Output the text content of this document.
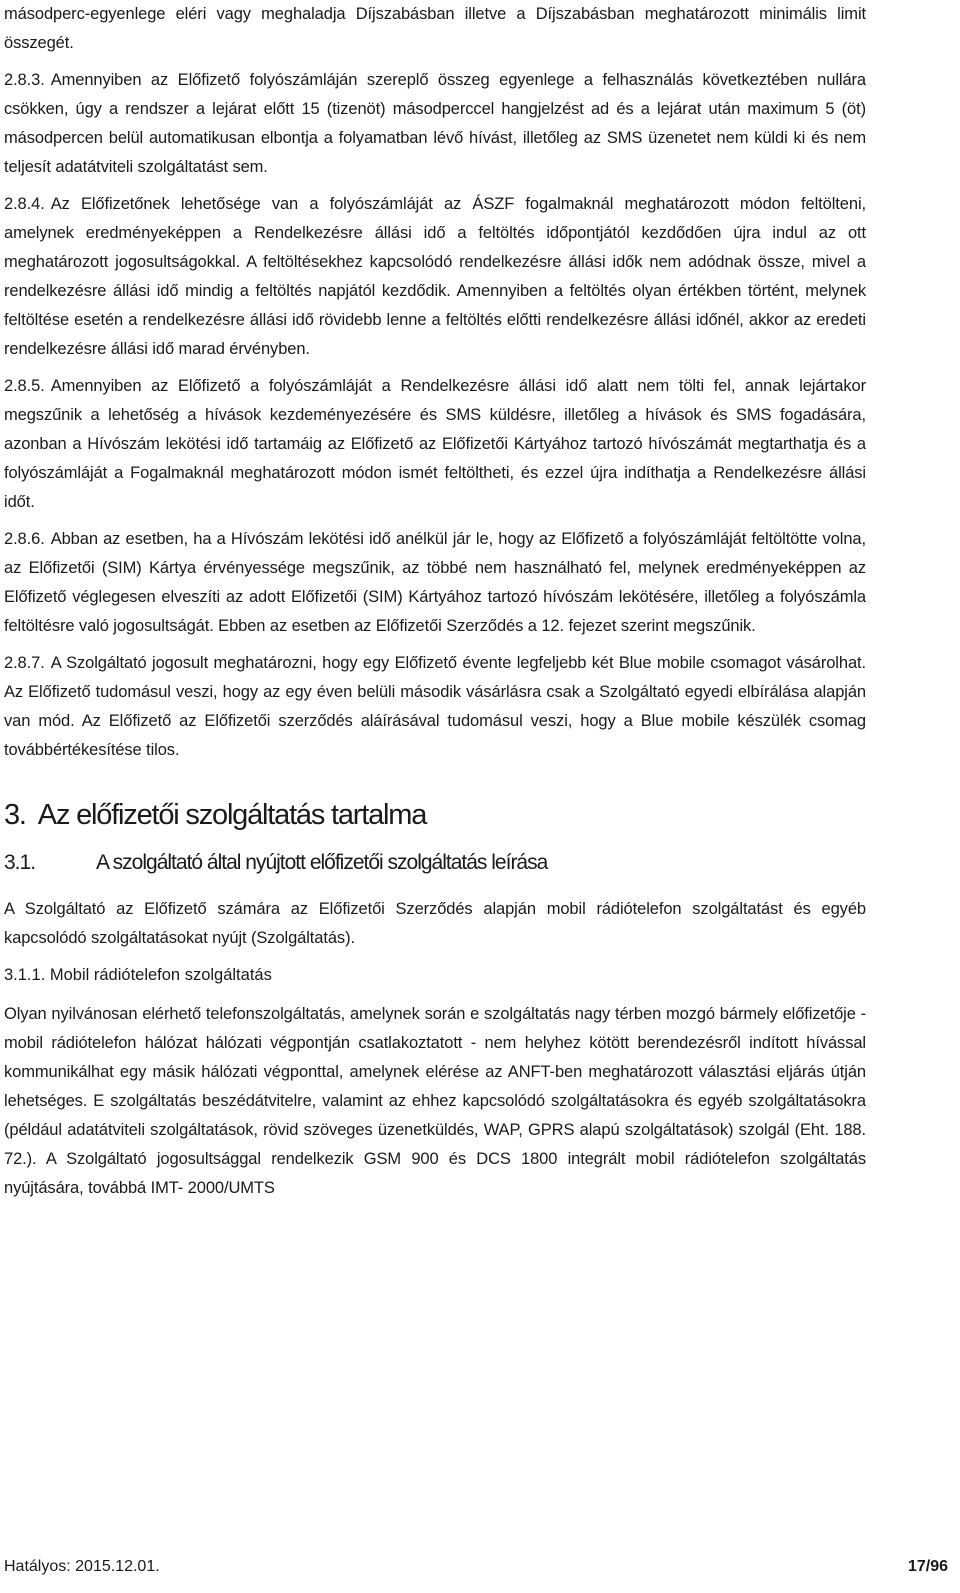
másodperc-egyenlege eléri vagy meghaladja Díjszabásban illetve a Díjszabásban meghatározott minimális limit összegét.

2.8.3. Amennyiben az Előfizető folyószámláján szereplő összeg egyenlege a felhasználás következtében nullára csökken, úgy a rendszer a lejárat előtt 15 (tizenöt) másodperccel hangjelzést ad és a lejárat után maximum 5 (öt) másodpercen belül automatikusan elbontja a folyamatban lévő hívást, illetőleg az SMS üzenetet nem küldi ki és nem teljesít adatátviteli szolgáltatást sem.

2.8.4. Az Előfizetőnek lehetősége van a folyószámláját az ÁSZF fogalmaknál meghatározott módon feltölteni, amelynek eredményeképpen a Rendelkezésre állási idő a feltöltés időpontjától kezdődően újra indul az ott meghatározott jogosultságokkal. A feltöltésekhez kapcsolódó rendelkezésre állási idők nem adódnak össze, mivel a rendelkezésre állási idő mindig a feltöltés napjától kezdődik. Amennyiben a feltöltés olyan értékben történt, melynek feltöltése esetén a rendelkezésre állási idő rövidebb lenne a feltöltés előtti rendelkezésre állási időnél, akkor az eredeti rendelkezésre állási idő marad érvényben.

2.8.5. Amennyiben az Előfizető a folyószámláját a Rendelkezésre állási idő alatt nem tölti fel, annak lejártakor megszűnik a lehetőség a hívások kezdeményezésére és SMS küldésre, illetőleg a hívások és SMS fogadására, azonban a Hívószám lekötési idő tartamáig az Előfizető az Előfizetői Kártyához tartozó hívószámát megtarthatja és a folyószámláját a Fogalmaknál meghatározott módon ismét feltöltheti, és ezzel újra indíthatja a Rendelkezésre állási időt.

2.8.6. Abban az esetben, ha a Hívószám lekötési idő anélkül jár le, hogy az Előfizető a folyószámláját feltöltötte volna, az Előfizetői (SIM) Kártya érvényessége megszűnik, az többé nem használható fel, melynek eredményeképpen az Előfizető véglegesen elveszíti az adott Előfizetői (SIM) Kártyához tartozó hívószám lekötésére, illetőleg a folyószámla feltöltésre való jogosultságát. Ebben az esetben az Előfizetői Szerződés a 12. fejezet szerint megszűnik.

2.8.7. A Szolgáltató jogosult meghatározni, hogy egy Előfizető évente legfeljebb két Blue mobile csomagot vásárolhat. Az Előfizető tudomásul veszi, hogy az egy éven belüli második vásárlásra csak a Szolgáltató egyedi elbírálása alapján van mód. Az Előfizető az Előfizetői szerződés aláírásával tudomásul veszi, hogy a Blue mobile készülék csomag továbbértékesítése tilos.

3. Az előfizetői szolgáltatás tartalma
3.1.	A szolgáltató által nyújtott előfizetői szolgáltatás leírása

A Szolgáltató az Előfizető számára az Előfizetői Szerződés alapján mobil rádiótelefon szolgáltatást és egyéb kapcsolódó szolgáltatásokat nyújt (Szolgáltatás).

3.1.1. Mobil rádiótelefon szolgáltatás

Olyan nyilvánosan elérhető telefonszolgáltatás, amelynek során e szolgáltatás nagy térben mozgó bármely előfizetője - mobil rádiótelefon hálózat hálózati végpontján csatlakoztatott - nem helyhez kötött berendezésről indított hívással kommunikálhat egy másik hálózati végponttal, amelynek elérése az ANFT-ben meghatározott választási eljárás útján lehetséges. E szolgáltatás beszédátvitelre, valamint az ehhez kapcsolódó szolgáltatásokra és egyéb szolgáltatásokra (például adatátviteli szolgáltatások, rövid szöveges üzenetküldés, WAP, GPRS alapú szolgáltatások) szolgál (Eht. 188. 72.). A Szolgáltató jogosultsággal rendelkezik GSM 900 és DCS 1800 integrált mobil rádiótelefon szolgáltatás nyújtására, továbbá IMT- 2000/UMTS

Hatályos: 2015.12.01.	17/96
